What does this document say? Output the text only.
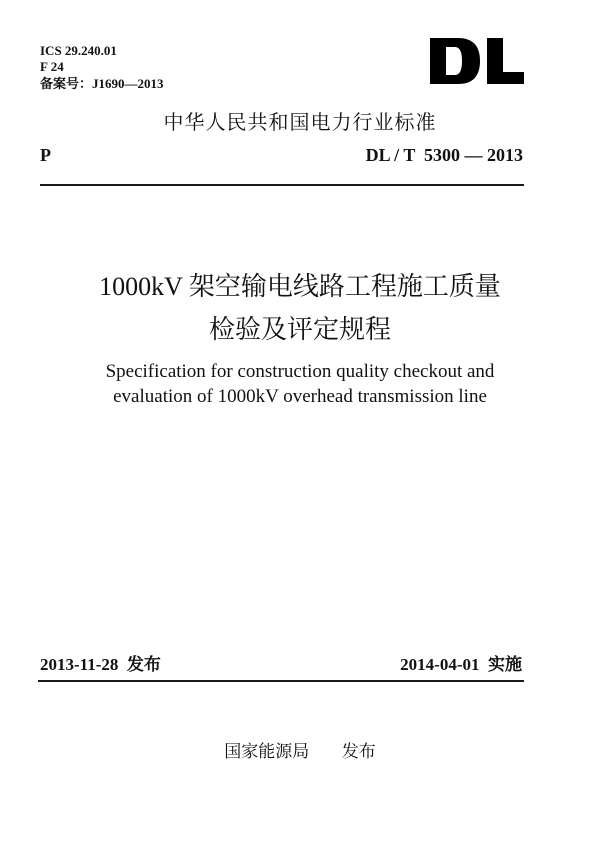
ICS 29.240.01
F 24
备案号：J1690—2013
中华人民共和国电力行业标准
P	DL / T  5300 — 2013
1000kV 架空输电线路工程施工质量
检验及评定规程
Specification for construction quality checkout and
evaluation of 1000kV overhead transmission line
2013-11-28  发布	2014-04-01  实施
国家能源局      发布
